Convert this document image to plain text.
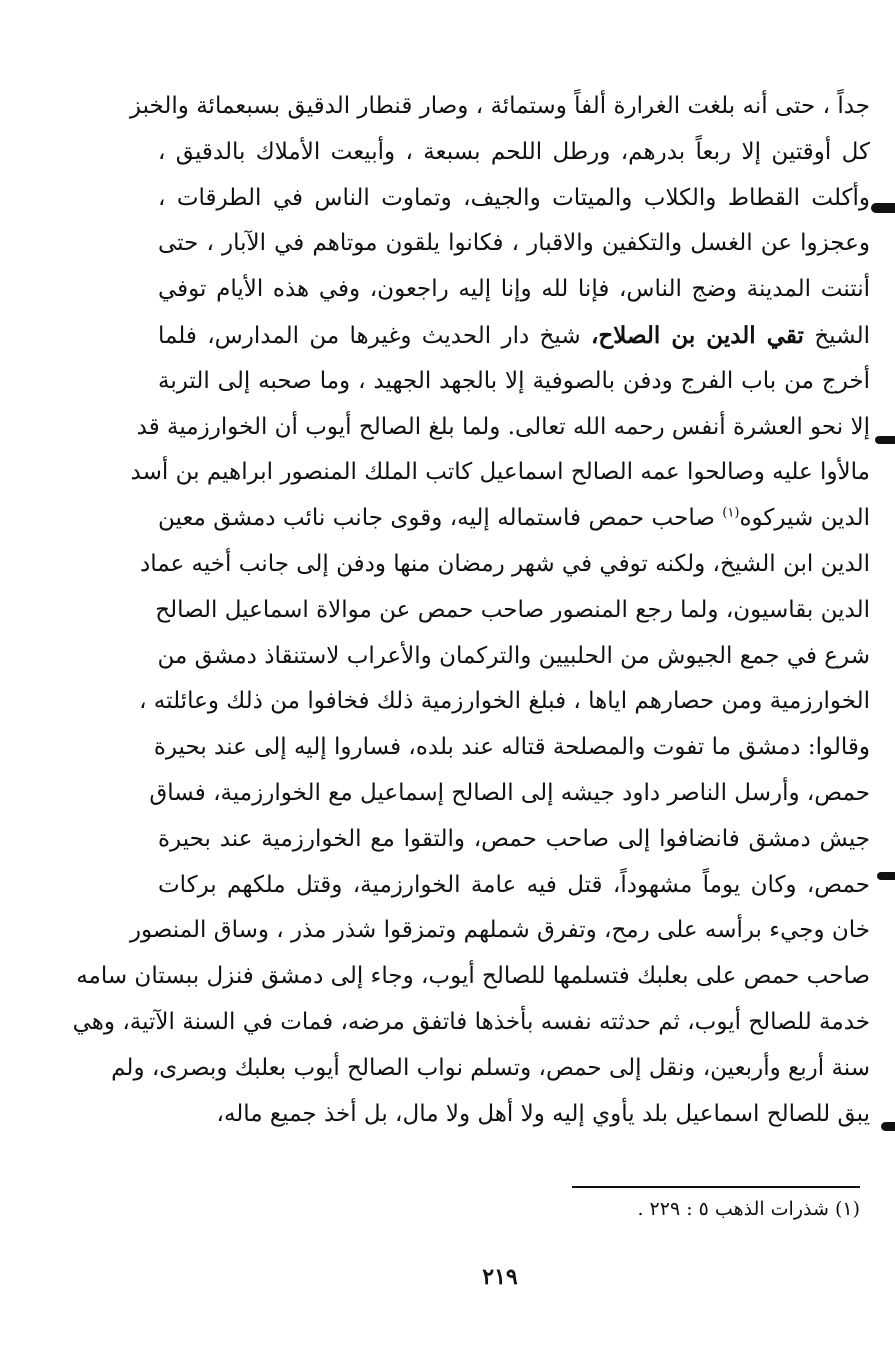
جداً ، حتى أنه بلغت الغرارة ألفاً وستمائة ، وصار قنطار الدقيق بسبعمائة والخبز
كل أوقتين إلا ربعاً بدرهم، ورطل اللحم بسبعة ، وأبيعت الأملاك بالدقيق ،
وأكلت القطاط والكلاب والميتات والجيف، وتماوت الناس في الطرقات ،
وعجزوا عن الغسل والتكفين والاقبار ، فكانوا يلقون موتاهم في الآبار ، حتى
أنتنت المدينة وضج الناس، فإنا لله وإنا إليه راجعون، وفي هذه الأيام توفي
الشيخ تقي الدين بن الصلاح، شيخ دار الحديث وغيرها من المدارس، فلما
أخرج من باب الفرج ودفن بالصوفية إلا بالجهد الجهيد ، وما صحبه إلى التربة
إلا نحو العشرة أنفس رحمه الله تعالى. ولما بلغ الصالح أيوب أن الخوارزمية قد
مالأوا عليه وصالحوا عمه الصالح اسماعيل كاتب الملك المنصور ابراهيم بن أسد
الدين شيركوه$^{(١)}$ صاحب حمص فاستماله إليه، وقوى جانب نائب دمشق معين
الدين ابن الشيخ، ولكنه توفي في شهر رمضان منها ودفن إلى جانب أخيه عماد
الدين بقاسيون، ولما رجع المنصور صاحب حمص عن موالاة اسماعيل الصالح
شرع في جمع الجيوش من الحلبيين والتركمان والأعراب لاستنقاذ دمشق من
الخوارزمية ومن حصارهم اياها ، فبلغ الخوارزمية ذلك فخافوا من ذلك وعائلته ،
وقالوا: دمشق ما تفوت والمصلحة قتاله عند بلده، فساروا إليه إلى عند بحيرة
حمص، وأرسل الناصر داود جيشه إلى الصالح إسماعيل مع الخوارزمية، فساق
جيش دمشق فانضافوا إلى صاحب حمص، والتقوا مع الخوارزمية عند بحيرة
حمص، وكان يوماً مشهوداً، قتل فيه عامة الخوارزمية، وقتل ملكهم بركات
خان وجيء برأسه على رمح، وتفرق شملهم وتمزقوا شذر مذر ، وساق المنصور
صاحب حمص على بعلبك فتسلمها للصالح أيوب، وجاء إلى دمشق فنزل ببستان سامه
خدمة للصالح أيوب، ثم حدثته نفسه بأخذها فاتفق مرضه، فمات في السنة الآتية، وهي
سنة أربع وأربعين، ونقل إلى حمص، وتسلم نواب الصالح أيوب بعلبك وبصرى، ولم
يبق للصالح اسماعيل بلد يأوي إليه ولا أهل ولا مال، بل أخذ جميع ماله،
(١) شذرات الذهب ٥ : ٢٢٩ .
٢١٩
